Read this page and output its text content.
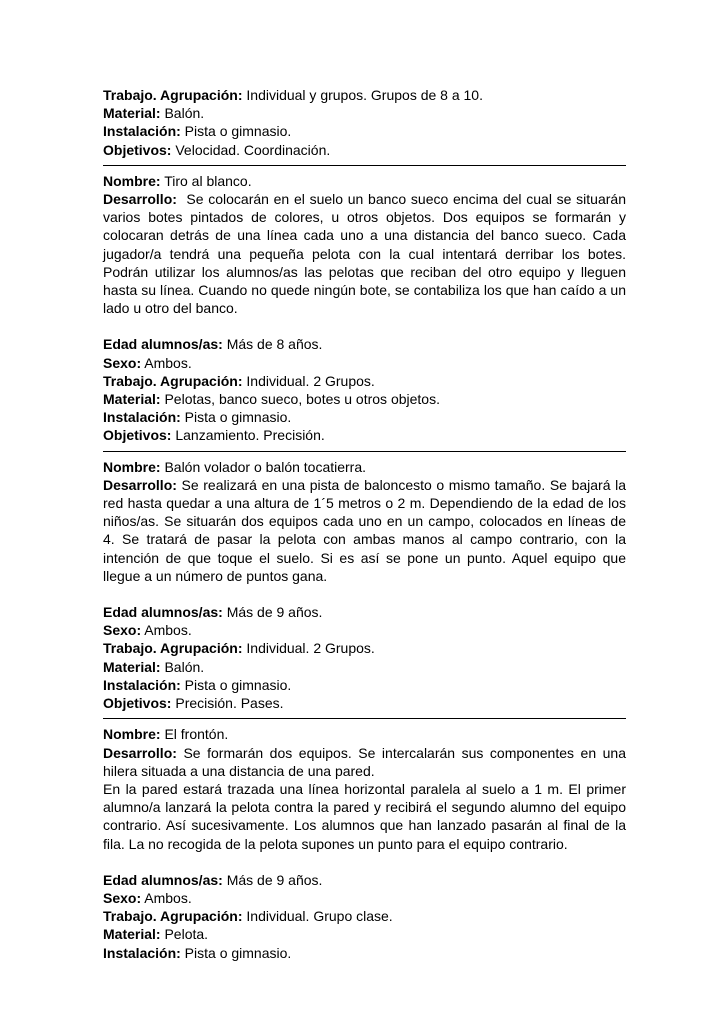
Trabajo. Agrupación: Individual y grupos. Grupos de 8 a 10.

Material: Balón.

Instalación: Pista o gimnasio.

Objetivos: Velocidad. Coordinación.

Nombre: Tiro al blanco.

Desarrollo:  Se colocarán en el suelo un banco sueco encima del cual se situarán varios botes pintados de colores, u otros objetos. Dos equipos se formarán y colocaran detrás de una línea cada uno a una distancia del banco sueco. Cada jugador/a tendrá una pequeña pelota con la cual intentará derribar los botes. Podrán utilizar los alumnos/as las pelotas que reciban del otro equipo y lleguen hasta su línea. Cuando no quede ningún bote, se contabiliza los que han caído a un lado u otro del banco.

Edad alumnos/as: Más de 8 años.

Sexo: Ambos.

Trabajo. Agrupación: Individual. 2 Grupos.

Material: Pelotas, banco sueco, botes u otros objetos.

Instalación: Pista o gimnasio.

Objetivos: Lanzamiento. Precisión.

Nombre: Balón volador o balón tocatierra.

Desarrollo: Se realizará en una pista de baloncesto o mismo tamaño. Se bajará la red hasta quedar a una altura de 1´5 metros o 2 m. Dependiendo de la edad de los niños/as. Se situarán dos equipos cada uno en un campo, colocados en líneas de 4. Se tratará de pasar la pelota con ambas manos al campo contrario, con la intención de que toque el suelo. Si es así se pone un punto. Aquel equipo que llegue a un número de puntos gana.

Edad alumnos/as: Más de 9 años.

Sexo: Ambos.

Trabajo. Agrupación: Individual. 2 Grupos.

Material: Balón.

Instalación: Pista o gimnasio.

Objetivos: Precisión. Pases.

Nombre: El frontón.

Desarrollo: Se formarán dos equipos. Se intercalarán sus componentes en una hilera situada a una distancia de una pared.

En la pared estará trazada una línea horizontal paralela al suelo a 1 m. El primer alumno/a lanzará la pelota contra la pared y recibirá el segundo alumno del equipo contrario. Así sucesivamente. Los alumnos que han lanzado pasarán al final de la fila. La no recogida de la pelota supones un punto para el equipo contrario.

Edad alumnos/as: Más de 9 años.

Sexo: Ambos.

Trabajo. Agrupación: Individual. Grupo clase.

Material: Pelota.

Instalación: Pista o gimnasio.
